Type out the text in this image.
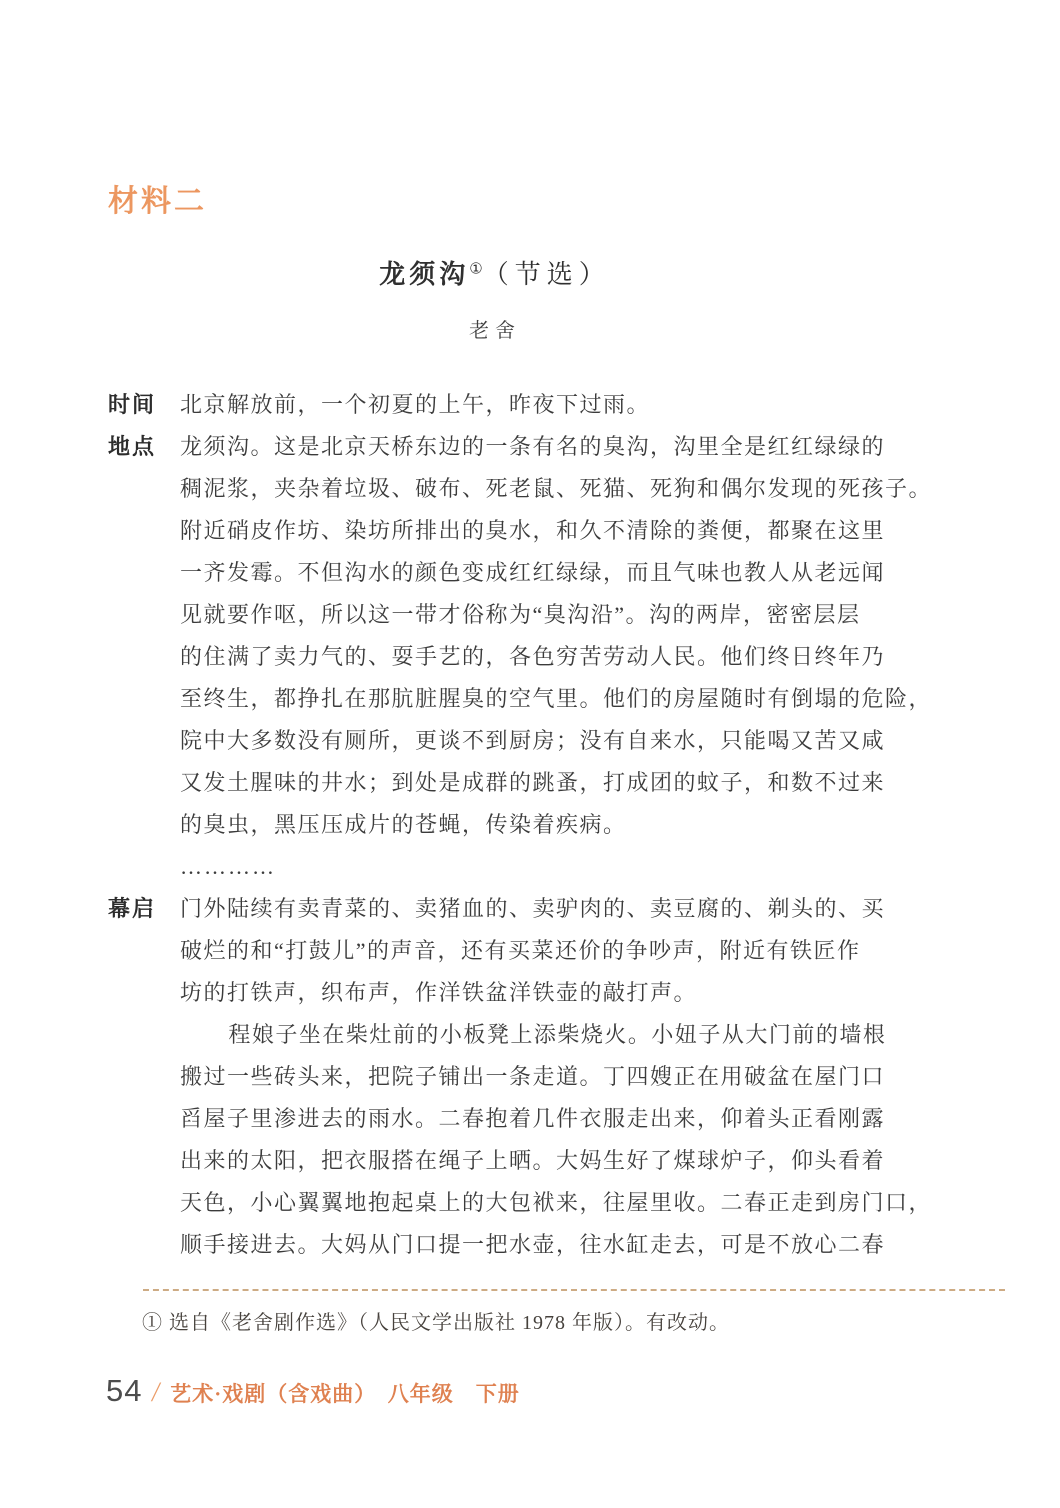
材料二
龙须沟①（节选）
老舍
时间	北京解放前，一个初夏的上午，昨夜下过雨。
地点	龙须沟。这是北京天桥东边的一条有名的臭沟，沟里全是红红绿绿的
稠泥浆，夹杂着垃圾、破布、死老鼠、死猫、死狗和偶尔发现的死孩子。
附近硝皮作坊、染坊所排出的臭水，和久不清除的粪便，都聚在这里
一齐发霉。不但沟水的颜色变成红红绿绿，而且气味也教人从老远闻
见就要作呕，所以这一带才俗称为“臭沟沿”。沟的两岸，密密层层
的住满了卖力气的、耍手艺的，各色穷苦劳动人民。他们终日终年乃
至终生，都挣扎在那肮脏腥臭的空气里。他们的房屋随时有倒塌的危险，
院中大多数没有厕所，更谈不到厨房；没有自来水，只能喝又苦又咸
又发土腥味的井水；到处是成群的跳蚤，打成团的蚊子，和数不过来
的臭虫，黑压压成片的苍蝇，传染着疾病。
…………
幕启	门外陆续有卖青菜的、卖猪血的、卖驴肉的、卖豆腐的、剃头的、买
破烂的和“打鼓儿”的声音，还有买菜还价的争吵声，附近有铁匠作
坊的打铁声，织布声，作洋铁盆洋铁壶的敲打声。
程娘子坐在柴灶前的小板凳上添柴烧火。小妞子从大门前的墙根
搬过一些砖头来，把院子铺出一条走道。丁四嫂正在用破盆在屋门口
舀屋子里渗进去的雨水。二春抱着几件衣服走出来，仰着头正看刚露
出来的太阳，把衣服搭在绳子上晒。大妈生好了煤球炉子，仰头看着
天色，小心翼翼地抱起桌上的大包袱来，往屋里收。二春正走到房门口，
顺手接进去。大妈从门口提一把水壶，往水缸走去，可是不放心二春
① 选自《老舍剧作选》（人民文学出版社 1978 年版）。有改动。
54 / 艺术·戏剧（含戏曲）　八年级　下册
